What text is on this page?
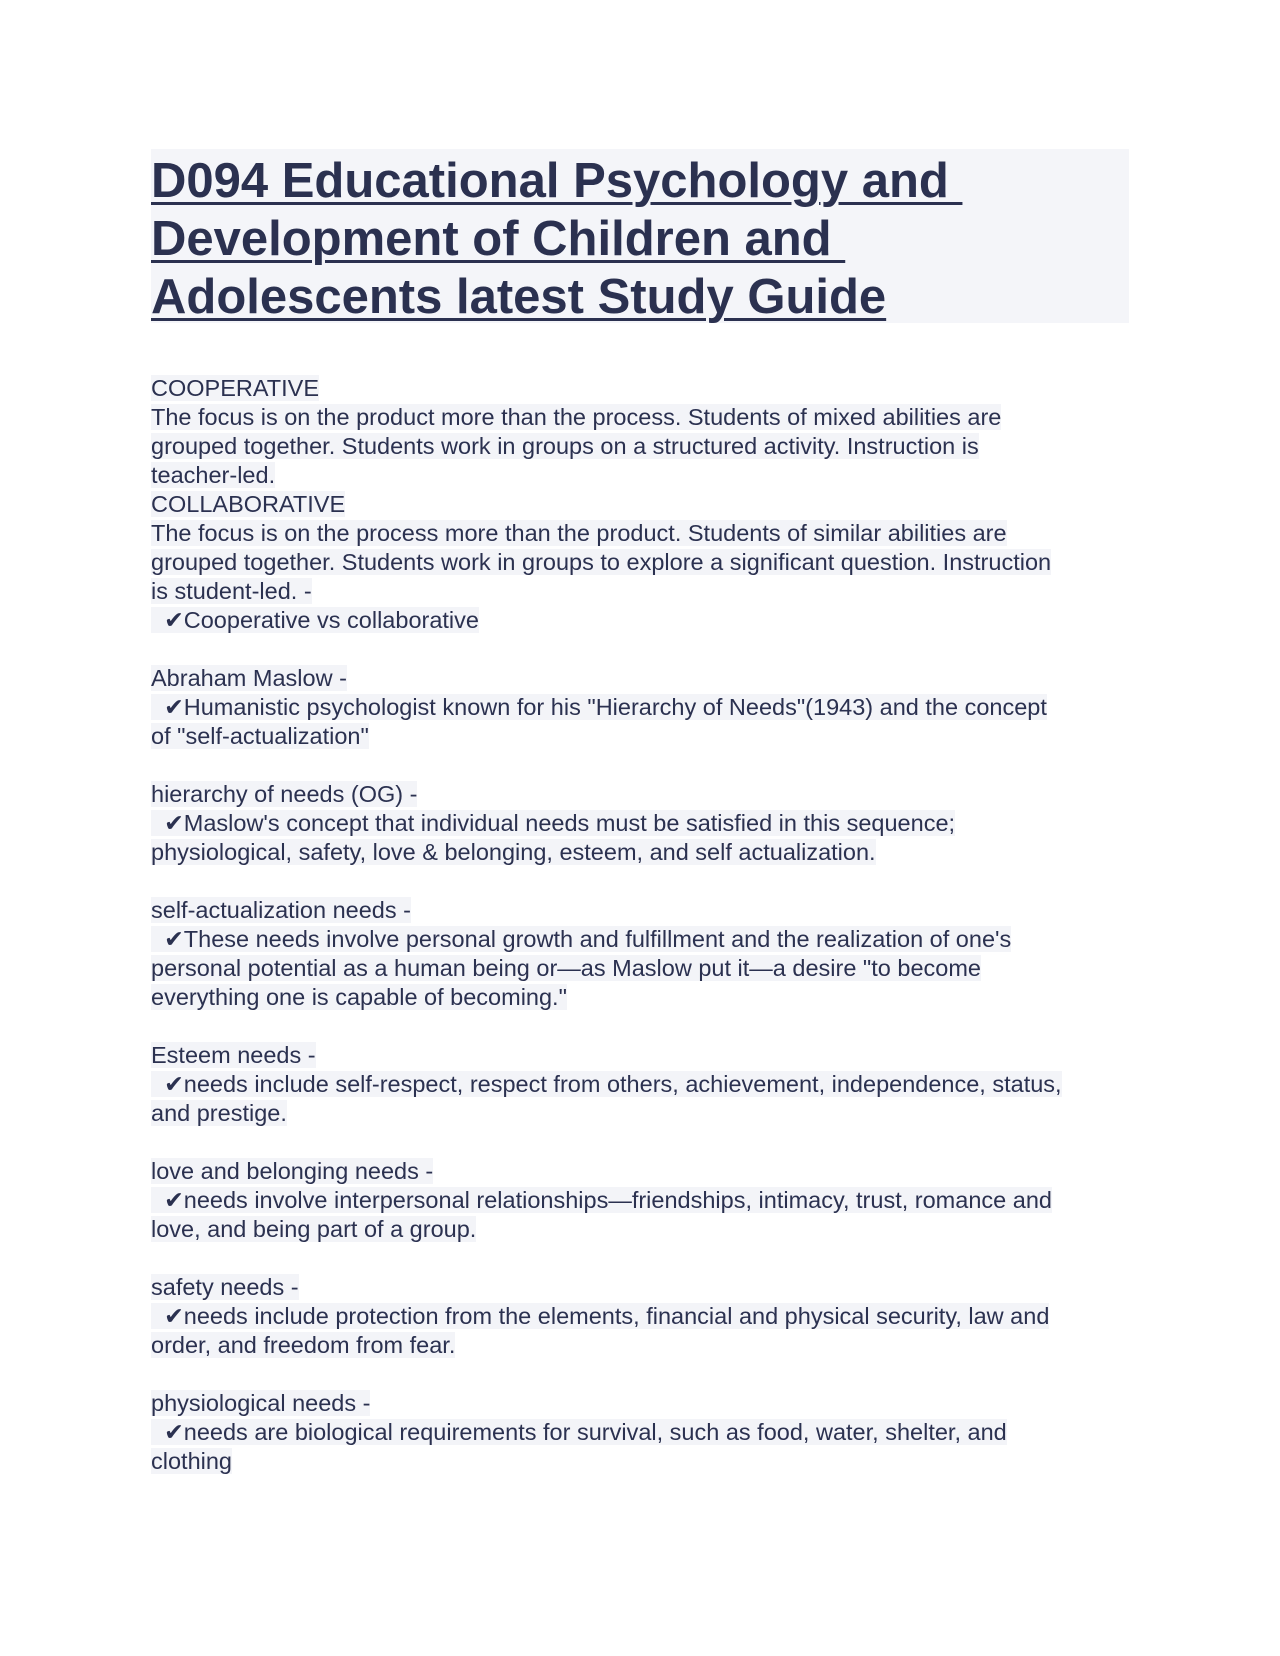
D094 Educational Psychology and
Development of Children and
Adolescents latest Study Guide
COOPERATIVE
The focus is on the product more than the process. Students of mixed abilities are
grouped together. Students work in groups on a structured activity. Instruction is
teacher-led.
COLLABORATIVE
The focus is on the process more than the product. Students of similar abilities are
grouped together. Students work in groups to explore a significant question. Instruction
is student-led. -
✔Cooperative vs collaborative
Abraham Maslow -
✔Humanistic psychologist known for his "Hierarchy of Needs"(1943) and the concept
of "self-actualization"
hierarchy of needs (OG) -
✔Maslow's concept that individual needs must be satisfied in this sequence;
physiological, safety, love & belonging, esteem, and self actualization.
self-actualization needs -
✔These needs involve personal growth and fulfillment and the realization of one's
personal potential as a human being or—as Maslow put it—a desire "to become
everything one is capable of becoming."
Esteem needs -
✔needs include self-respect, respect from others, achievement, independence, status,
and prestige.
love and belonging needs -
✔needs involve interpersonal relationships—friendships, intimacy, trust, romance and
love, and being part of a group.
safety needs -
✔needs include protection from the elements, financial and physical security, law and
order, and freedom from fear.
physiological needs -
✔needs are biological requirements for survival, such as food, water, shelter, and
clothing
